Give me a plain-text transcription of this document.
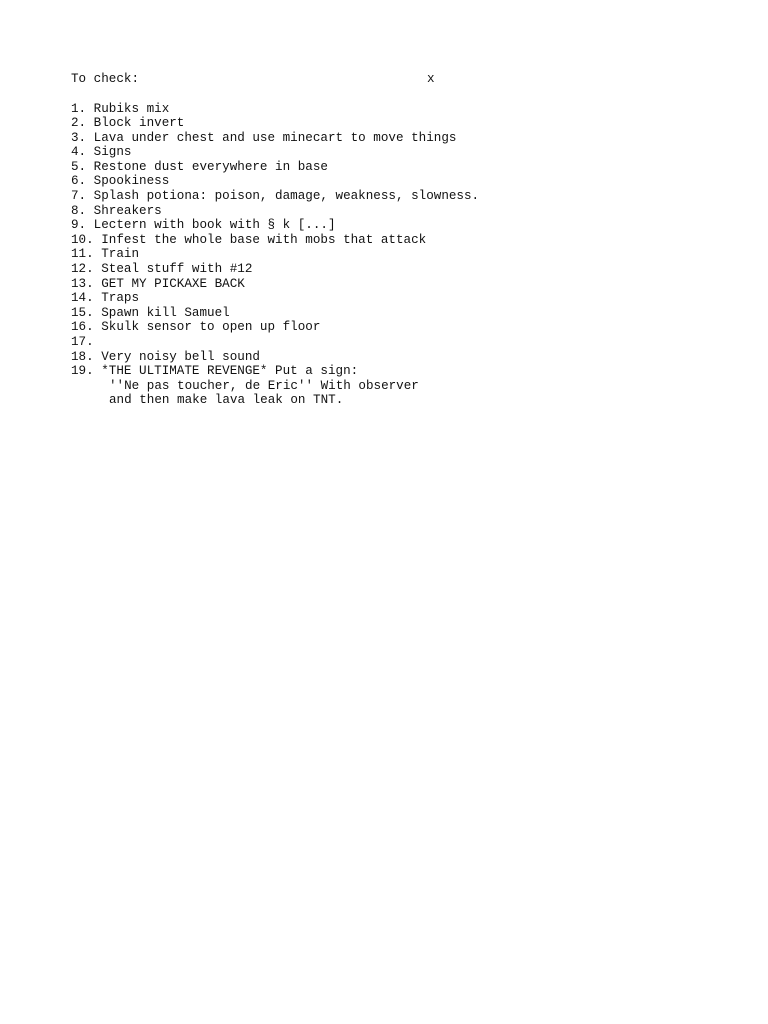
To check:	x
1. Rubiks mix
2. Block invert
3. Lava under chest and use minecart to move things
4. Signs
5. Restone dust everywhere in base
6. Spookiness
7. Splash potiona: poison, damage, weakness, slowness.
8. Shreakers
9. Lectern with book with § k [...]
10. Infest the whole base with mobs that attack
11. Train
12. Steal stuff with #12
13. GET MY PICKAXE BACK
14. Traps
15. Spawn kill Samuel
16. Skulk sensor to open up floor
17.
18. Very noisy bell sound
19. *THE ULTIMATE REVENGE* Put a sign:
''Ne pas toucher, de Eric'' With observer
and then make lava leak on TNT.
